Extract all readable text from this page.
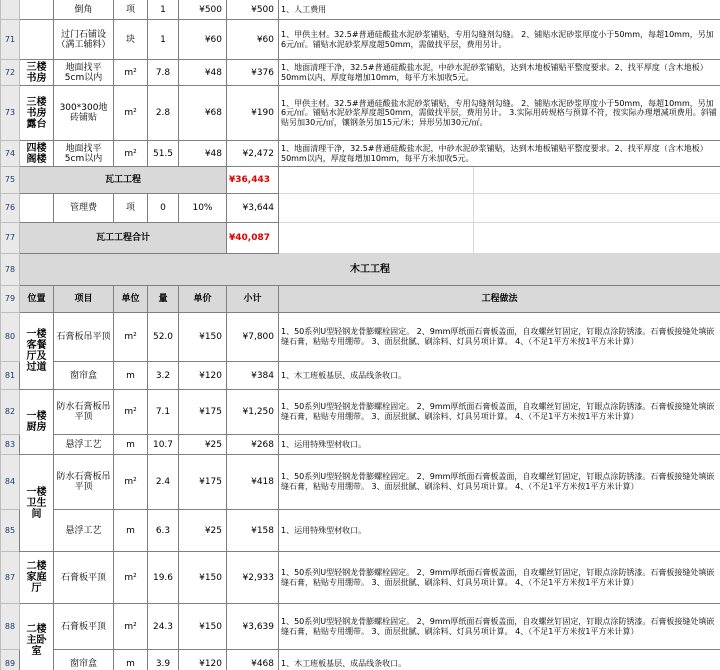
		倒角	项	1	¥500	¥500	1、人工费用	
71		过门石铺设（满工辅料）	块	1	¥60	¥60	1、甲供主材。32.5#普通硅酸盐水泥砂浆铺贴，专用勾缝剂勾缝。 2、铺贴水泥砂浆厚度小于50mm，每超10mm，另加6元/㎡。铺贴水泥砂浆厚度超50mm，需做找平层，费用另计。	
72	三楼书房	地面找平5cm以内	m²	7.8	¥48	¥376	1、地面清理干净，32.5#普通硅酸盐水泥，中砂水泥砂浆铺贴，达到木地板铺贴平整度要求。2、找平厚度（含木地板）50mm以内，厚度每增加10mm，每平方米加收5元。	
73	三楼书房露台	300*300地砖铺贴	m²	2.8	¥68	¥190	1、甲供主材。32.5#普通硅酸盐水泥砂浆铺贴，专用勾缝剂勾缝。 2、铺贴水泥砂浆厚度小于50mm，每超10mm，另加6元/㎡。铺贴水泥砂浆厚度超50mm，需做找平层，费用另计。 3.实际用砖规格与预算不符，按实际办理增减项费用。斜铺贴另加30元/㎡，镶钢条另加15元/米；异形另加30元/㎡。	
74	四楼阁楼	地面找平5cm以内	m²	51.5	¥48	¥2,472	1、地面清理干净，32.5#普通硅酸盐水泥，中砂水泥砂浆铺贴，达到木地板铺贴平整度要求。2、找平厚度（含木地板）50mm以内，厚度每增加10mm，每平方米加收5元。	
75	瓦工工程					¥36,443		
76		管理费	项	0	10%	¥3,644		
77	瓦工工程合计					¥40,087		
78	木工工程							
79	位置	项目	单位	量	单价	小计	工程做法	
80	一楼客餐厅及过道	石膏板吊平顶	m²	52.0	¥150	¥7,800	1、50系列U型轻钢龙骨膨螺栓固定。 2、9mm厚纸面石膏板盖面，自攻螺丝钉固定，钉眼点涂防锈漆。石膏板接缝处填嵌缝石膏，粘贴专用绷带。 3、面层批腻、刷涂料、灯具另项计算。 4、（不足1平方米按1平方米计算）	
81		窗帘盒	m	3.2	¥120	¥384	1、木工班板基层、成品线条收口。	
82	一楼厨房	防水石膏板吊平顶	m²	7.1	¥175	¥1,250	1、50系列U型轻钢龙骨膨螺栓固定。 2、9mm厚纸面石膏板盖面，自攻螺丝钉固定，钉眼点涂防锈漆。石膏板接缝处填嵌缝石膏，粘贴专用绷带。 3、面层批腻、刷涂料、灯具另项计算。 4、（不足1平方米按1平方米计算）	
83		悬浮工艺	m	10.7	¥25	¥268	1、运用特殊型材收口。	
84	一楼卫生间	防水石膏板吊平顶	m²	2.4	¥175	¥418	1、50系列U型轻钢龙骨膨螺栓固定。 2、9mm厚纸面石膏板盖面，自攻螺丝钉固定，钉眼点涂防锈漆。石膏板接缝处填嵌缝石膏，粘贴专用绷带。 3、面层批腻、刷涂料、灯具另项计算。 4、（不足1平方米按1平方米计算）	
85		悬浮工艺	m	6.3	¥25	¥158	1、运用特殊型材收口。	
87	二楼家庭厅	石膏板平顶	m²	19.6	¥150	¥2,933	1、50系列U型轻钢龙骨膨螺栓固定。 2、9mm厚纸面石膏板盖面，自攻螺丝钉固定，钉眼点涂防锈漆。石膏板接缝处填嵌缝石膏，粘贴专用绷带。 3、面层批腻、刷涂料、灯具另项计算。 4、（不足1平方米按1平方米计算）	
88	二楼主卧室	石膏板平顶	m²	24.3	¥150	¥3,639	1、50系列U型轻钢龙骨膨螺栓固定。 2、9mm厚纸面石膏板盖面，自攻螺丝钉固定，钉眼点涂防锈漆。石膏板接缝处填嵌缝石膏，粘贴专用绷带。 3、面层批腻、刷涂料、灯具另项计算。 4、（不足1平方米按1平方米计算）	
89		窗帘盒	m	3.9	¥120	¥468	1、木工班板基层、成品线条收口。	
